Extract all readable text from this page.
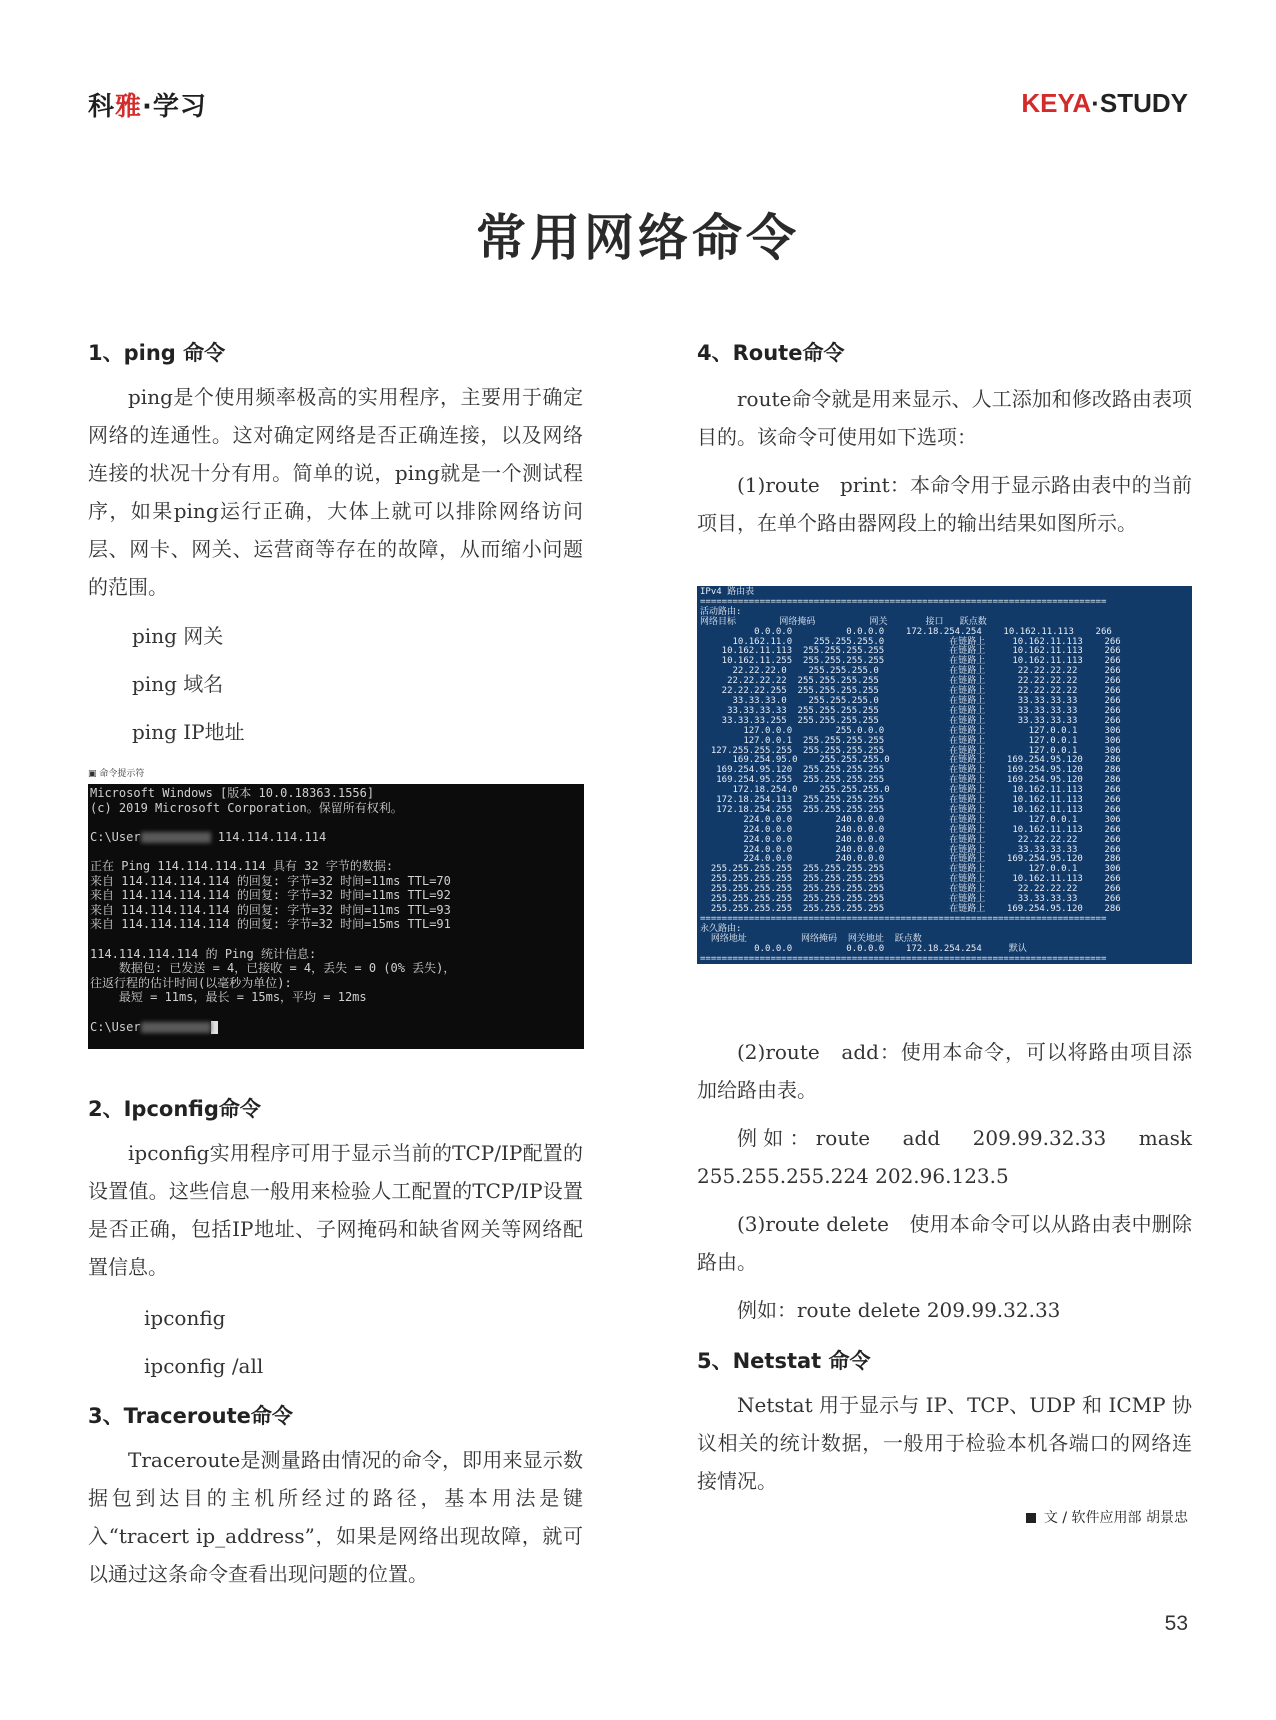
科雅·学习	KEYA·STUDY
常用网络命令
1、ping 命令

ping是个使用频率极高的实用程序，主要用于确定网络的连通性。这对确定网络是否正确连接，以及网络连接的状况十分有用。简单的说，ping就是一个测试程序，如果ping运行正确，大体上就可以排除网络访问层、网卡、网关、运营商等存在的故障，从而缩小问题的范围。

ping 网关
ping 域名
ping IP地址
▣ 命令提示符
Microsoft Windows [版本 10.0.18363.1556]
(c) 2019 Microsoft Corporation。保留所有权利。

C:\User	114.114.114.114

正在 Ping 114.114.114.114 具有 32 字节的数据:
来自 114.114.114.114 的回复: 字节=32 时间=11ms TTL=70
来自 114.114.114.114 的回复: 字节=32 时间=11ms TTL=92
来自 114.114.114.114 的回复: 字节=32 时间=11ms TTL=93
来自 114.114.114.114 的回复: 字节=32 时间=15ms TTL=91

114.114.114.114 的 Ping 统计信息:
数据包: 已发送 = 4，已接收 = 4，丢失 = 0 (0% 丢失)，
往返行程的估计时间(以毫秒为单位):
最短 = 11ms，最长 = 15ms，平均 = 12ms

C:\User
2、Ipconfig命令

ipconfig实用程序可用于显示当前的TCP/IP配置的设置值。这些信息一般用来检验人工配置的TCP/IP设置是否正确，包括IP地址、子网掩码和缺省网关等网络配置信息。

ipconfig
ipconfig /all
3、Traceroute命令

Traceroute是测量路由情况的命令，即用来显示数据包到达目的主机所经过的路径，基本用法是键入“tracert ip_address”，如果是网络出现故障，就可以通过这条命令查看出现问题的位置。

4、Route命令

route命令就是用来显示、人工添加和修改路由表项目的。该命令可使用如下选项：

(1)route　print：本命令用于显示路由表中的当前项目，在单个路由器网段上的输出结果如图所示。

IPv4 路由表
===========================================================================
活动路由:
网络目标        网络掩码          网关       接口   跃点数
0.0.0.0          0.0.0.0    172.18.254.254    10.162.11.113    266
10.162.11.0    255.255.255.0            在链路上     10.162.11.113    266
10.162.11.113  255.255.255.255            在链路上     10.162.11.113    266
10.162.11.255  255.255.255.255            在链路上     10.162.11.113    266
22.22.22.0    255.255.255.0             在链路上      22.22.22.22     266
22.22.22.22  255.255.255.255             在链路上      22.22.22.22     266
22.22.22.255  255.255.255.255             在链路上      22.22.22.22     266
33.33.33.0    255.255.255.0             在链路上      33.33.33.33     266
33.33.33.33  255.255.255.255             在链路上      33.33.33.33     266
33.33.33.255  255.255.255.255             在链路上      33.33.33.33     266
127.0.0.0        255.0.0.0            在链路上        127.0.0.1     306
127.0.0.1  255.255.255.255            在链路上        127.0.0.1     306
127.255.255.255  255.255.255.255            在链路上        127.0.0.1     306
169.254.95.0    255.255.255.0           在链路上    169.254.95.120    286
169.254.95.120  255.255.255.255            在链路上    169.254.95.120    286
169.254.95.255  255.255.255.255            在链路上    169.254.95.120    286
172.18.254.0    255.255.255.0           在链路上     10.162.11.113    266
172.18.254.113  255.255.255.255            在链路上     10.162.11.113    266
172.18.254.255  255.255.255.255            在链路上     10.162.11.113    266
224.0.0.0        240.0.0.0            在链路上        127.0.0.1     306
224.0.0.0        240.0.0.0            在链路上     10.162.11.113    266
224.0.0.0        240.0.0.0            在链路上      22.22.22.22     266
224.0.0.0        240.0.0.0            在链路上      33.33.33.33     266
224.0.0.0        240.0.0.0            在链路上    169.254.95.120    286
255.255.255.255  255.255.255.255            在链路上        127.0.0.1     306
255.255.255.255  255.255.255.255            在链路上     10.162.11.113    266
255.255.255.255  255.255.255.255            在链路上      22.22.22.22     266
255.255.255.255  255.255.255.255            在链路上      33.33.33.33     266
255.255.255.255  255.255.255.255            在链路上    169.254.95.120    286
===========================================================================
永久路由:
网络地址          网络掩码  网关地址  跃点数
0.0.0.0          0.0.0.0    172.18.254.254     默认
===========================================================================

(2)route　add：使用本命令，可以将路由项目添加给路由表。

例如：route　add　209.99.32.33　mask 255.255.255.224 202.96.123.5

(3)route delete　使用本命令可以从路由表中删除路由。

例如：route delete 209.99.32.33

5、Netstat 命令

Netstat 用于显示与 IP、TCP、UDP 和 ICMP 协议相关的统计数据，一般用于检验本机各端口的网络连接情况。

文 / 软件应用部 胡景忠
53
